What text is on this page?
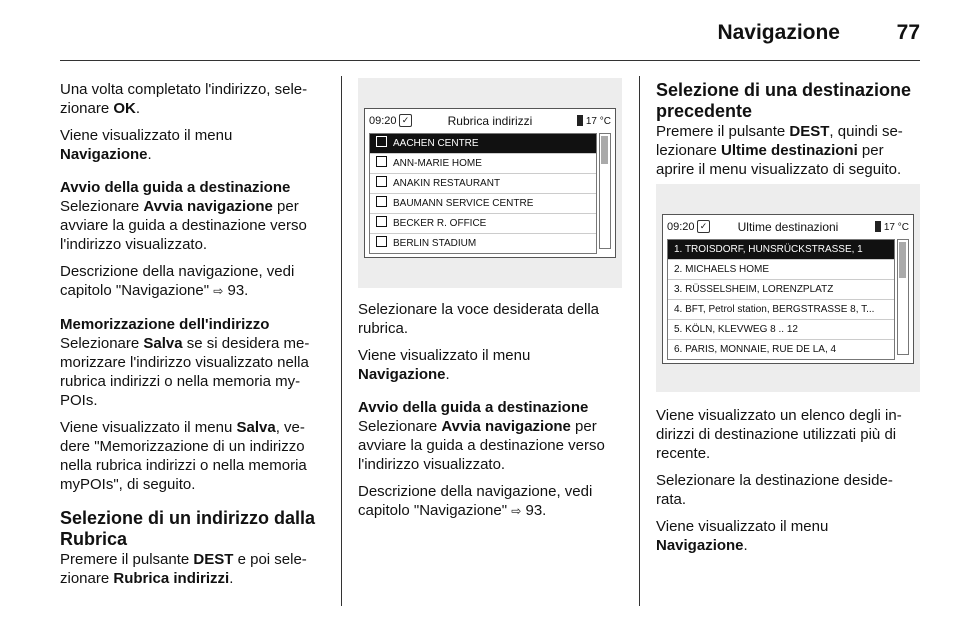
Navigazione	77

Una volta completato l'indirizzo, sele-zionare OK.

Viene visualizzato il menu Navigazione.

Avvio della guida a destinazione

Selezionare Avvia navigazione per avviare la guida a destinazione verso l'indirizzo visualizzato.

Descrizione della navigazione, vedi capitolo "Navigazione" ⇨ 93.

Memorizzazione dell'indirizzo

Selezionare Salva se si desidera me-morizzare l'indirizzo visualizzato nella rubrica indirizzi o nella memoria my-POIs.

Viene visualizzato il menu Salva, ve-dere "Memorizzazione di un indirizzo nella rubrica indirizzi o nella memoria myPOIs", di seguito.

Selezione di un indirizzo dalla Rubrica

Premere il pulsante DEST e poi sele-zionare Rubrica indirizzi.

09:20 ✓	Rubrica indirizzi	17 °C
AACHEN CENTRE
ANN-MARIE HOME
ANAKIN RESTAURANT
BAUMANN SERVICE CENTRE
BECKER R. OFFICE
BERLIN STADIUM

Selezionare la voce desiderata della rubrica.

Viene visualizzato il menu Navigazione.

Avvio della guida a destinazione

Selezionare Avvia navigazione per avviare la guida a destinazione verso l'indirizzo visualizzato.

Descrizione della navigazione, vedi capitolo "Navigazione" ⇨ 93.

Selezione di una destinazione precedente

Premere il pulsante DEST, quindi se-lezionare Ultime destinazioni per aprire il menu visualizzato di seguito.

09:20 ✓	Ultime destinazioni	17 °C
1. TROISDORF, HUNSRÜCKSTRASSE, 1
2. MICHAELS HOME
3. RÜSSELSHEIM, LORENZPLATZ
4. BFT, Petrol station, BERGSTRASSE 8, T...
5. KÖLN, KLEVWEG 8 .. 12
6. PARIS, MONNAIE, RUE DE LA, 4

Viene visualizzato un elenco degli in-dirizzi di destinazione utilizzati più di recente.

Selezionare la destinazione deside-rata.

Viene visualizzato il menu Navigazione.
